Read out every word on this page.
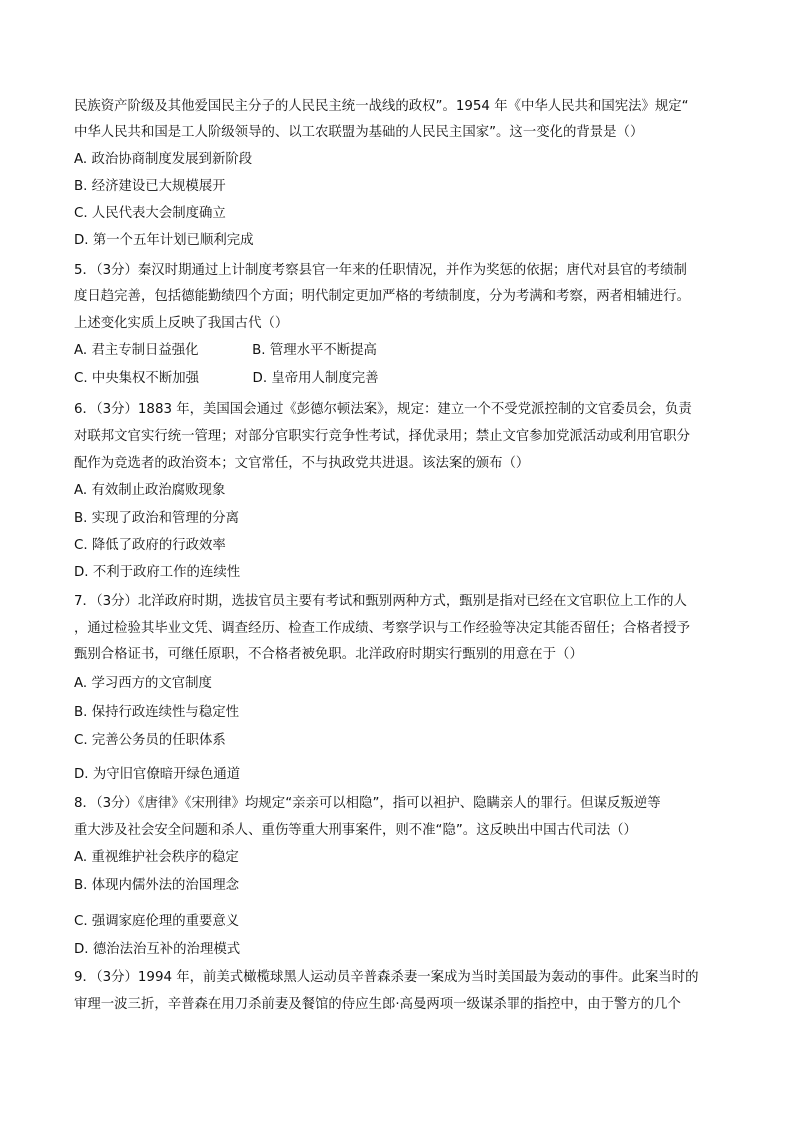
民族资产阶级及其他爱国民主分子的人民民主统一战线的政权”。1954 年《中华人民共和国宪法》规定“
中华人民共和国是工人阶级领导的、以工农联盟为基础的人民民主国家”。这一变化的背景是（）
A. 政治协商制度发展到新阶段
B. 经济建设已大规模展开
C. 人民代表大会制度确立
D. 第一个五年计划已顺利完成
5．（3分）秦汉时期通过上计制度考察县官一年来的任职情况，并作为奖惩的依据；唐代对县官的考绩制
度日趋完善，包括德能勤绩四个方面；明代制定更加严格的考绩制度，分为考满和考察，两者相辅进行。
上述变化实质上反映了我国古代（）
A. 君主专制日益强化　　　　B. 管理水平不断提高
C. 中央集权不断加强　　　　D. 皇帝用人制度完善
6．（3分）1883 年，美国国会通过《彭德尔顿法案》，规定：建立一个不受党派控制的文官委员会，负责
对联邦文官实行统一管理；对部分官职实行竞争性考试，择优录用；禁止文官参加党派活动或利用官职分
配作为竞选者的政治资本；文官常任，不与执政党共进退。该法案的颁布（）
A. 有效制止政治腐败现象
B. 实现了政治和管理的分离
C. 降低了政府的行政效率
D. 不利于政府工作的连续性
7．（3分）北洋政府时期，选拔官员主要有考试和甄别两种方式，甄别是指对已经在文官职位上工作的人
，通过检验其毕业文凭、调查经历、检查工作成绩、考察学识与工作经验等决定其能否留任；合格者授予
甄别合格证书，可继任原职，不合格者被免职。北洋政府时期实行甄别的用意在于（）
A. 学习西方的文官制度
B. 保持行政连续性与稳定性
C. 完善公务员的任职体系
D. 为守旧官僚暗开绿色通道
8．（3分）《唐律》《宋刑律》均规定“亲亲可以相隐”，指可以袒护、隐瞒亲人的罪行。但谋反叛逆等
重大涉及社会安全问题和杀人、重伤等重大刑事案件，则不准“隐”。这反映出中国古代司法（）
A. 重视维护社会秩序的稳定
B. 体现内儒外法的治国理念
C. 强调家庭伦理的重要意义
D. 德治法治互补的治理模式
9．（3分）1994 年，前美式橄榄球黑人运动员辛普森杀妻一案成为当时美国最为轰动的事件。此案当时的
审理一波三折，辛普森在用刀杀前妻及餐馆的侍应生郎·高曼两项一级谋杀罪的指控中，由于警方的几个
